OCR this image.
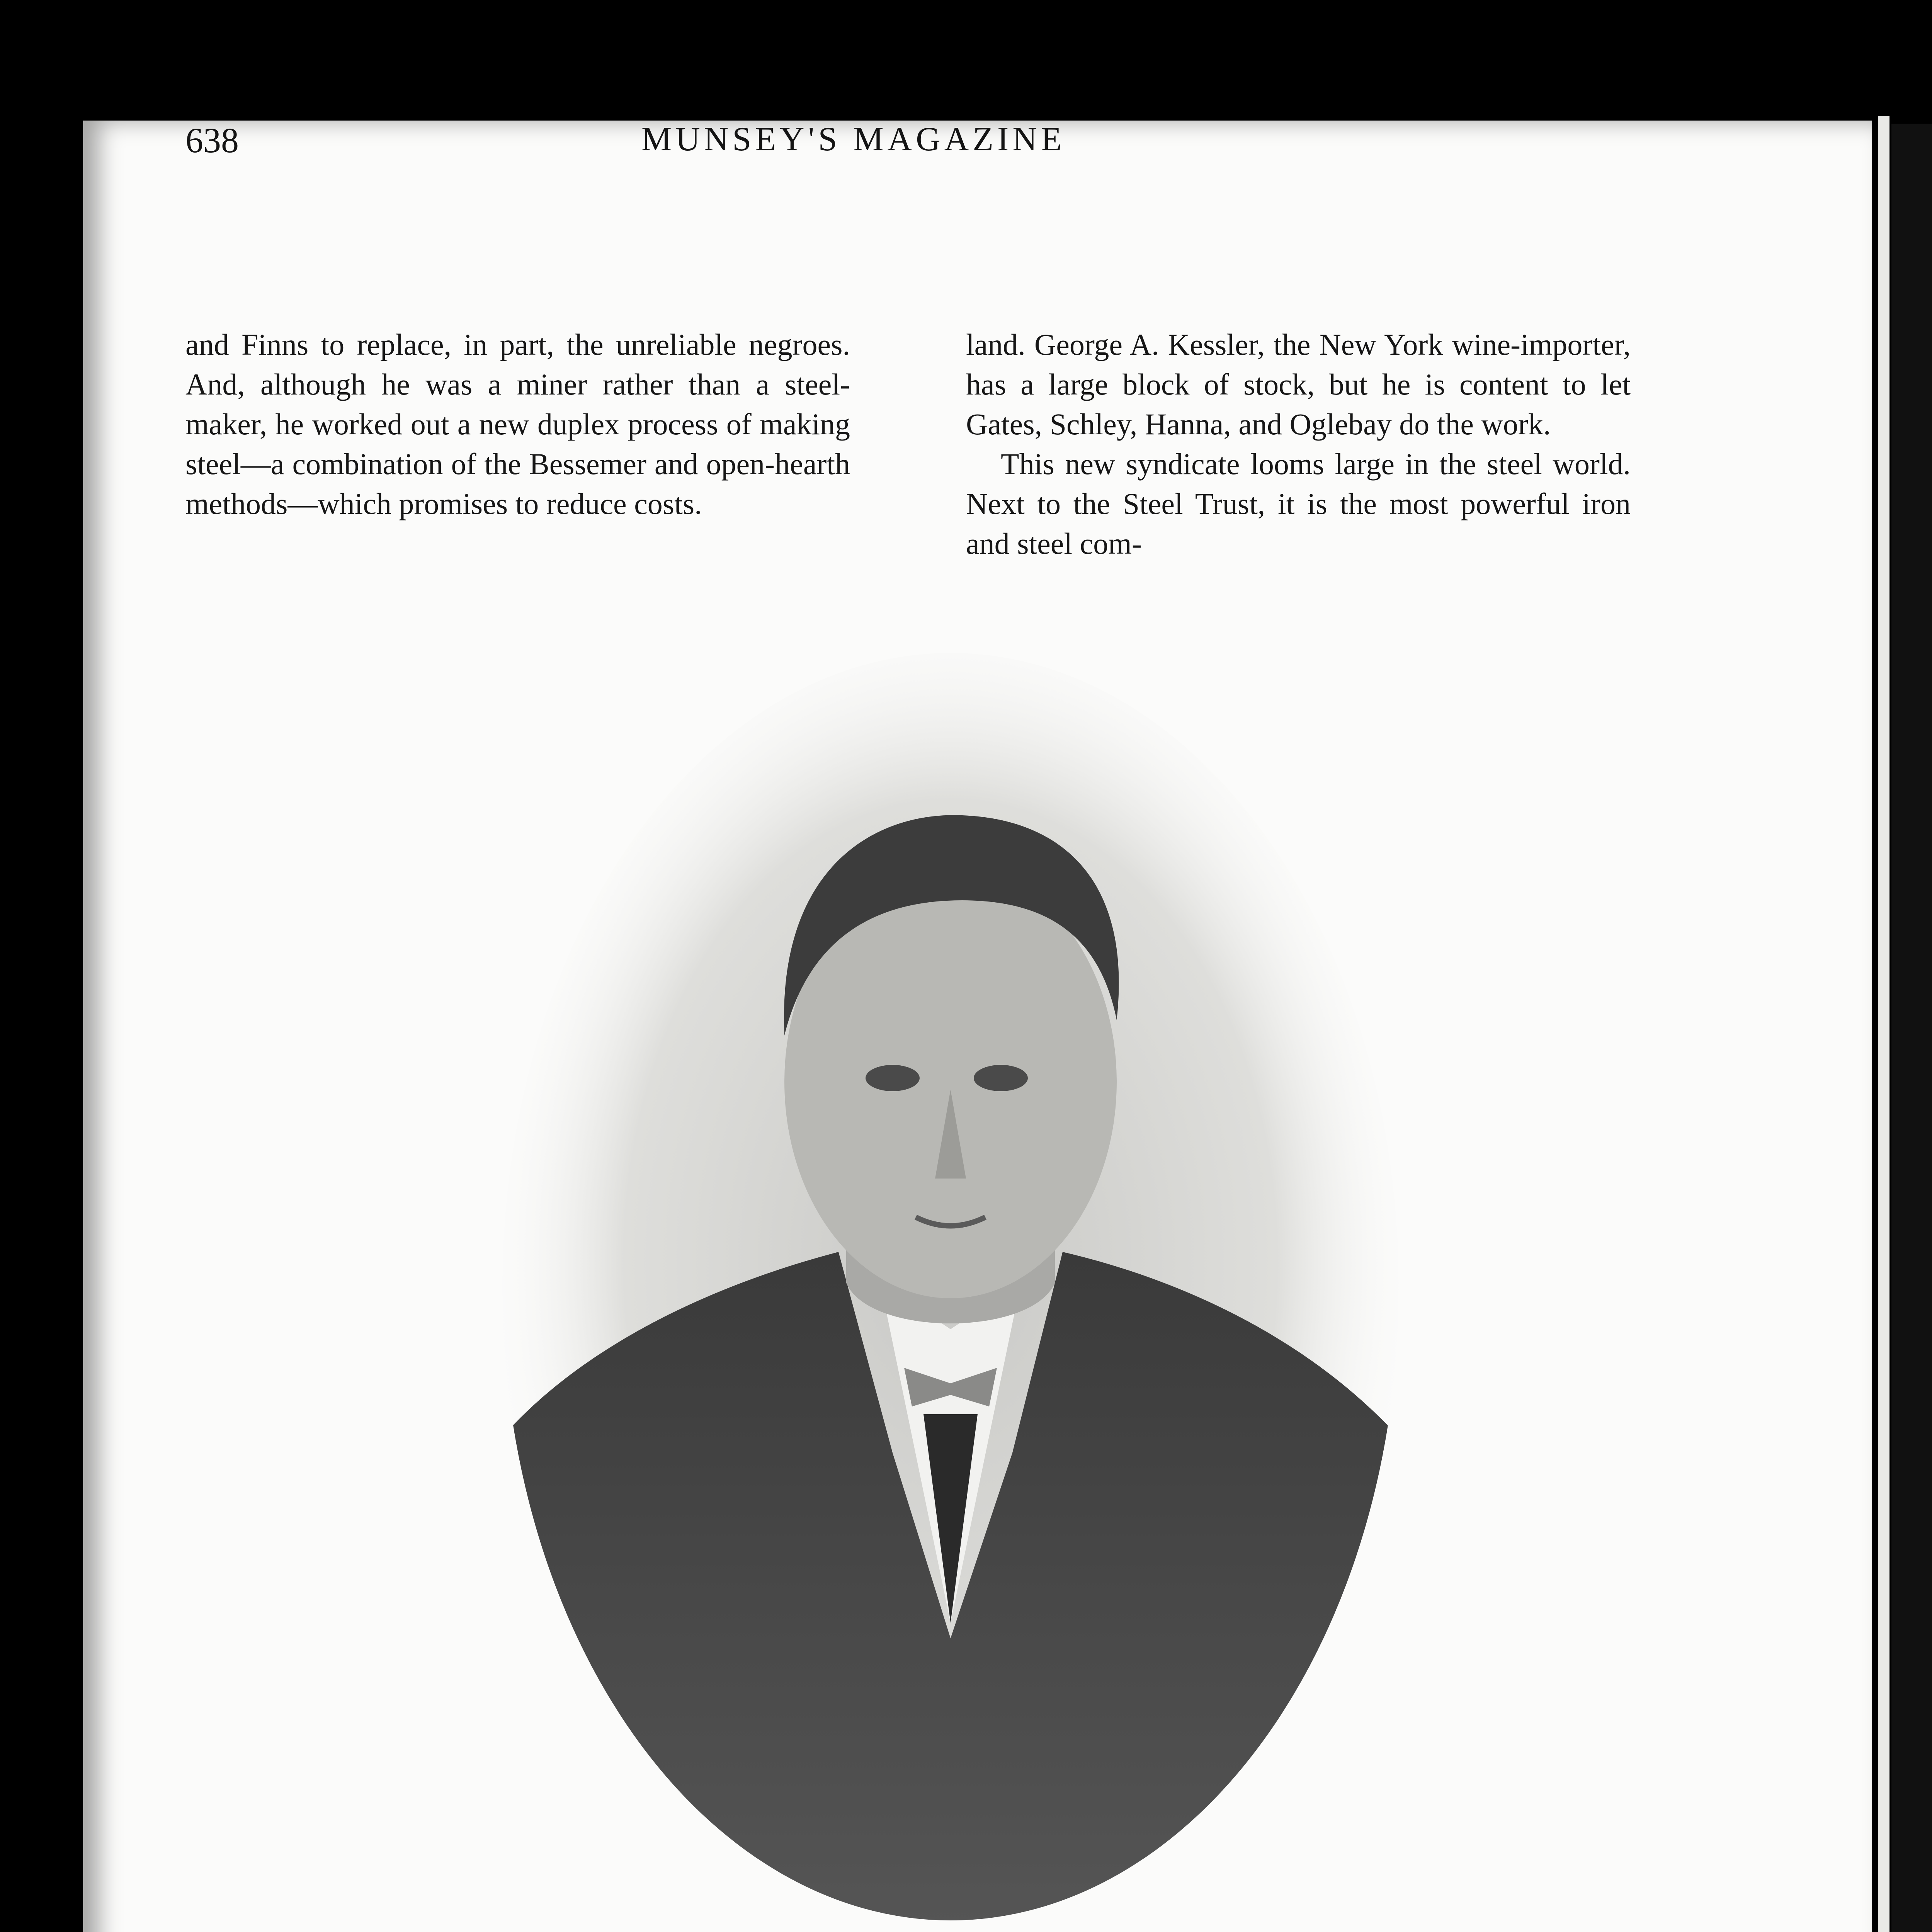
638	MUNSEY'S MAGAZINE

and Finns to replace, in part, the unreliable negroes. And, although he was a miner rather than a steel-maker, he worked out a new duplex process of making steel—a combination of the Bessemer and open-hearth methods—which promises to reduce costs.

land. George A. Kessler, the New York wine-importer, has a large block of stock, but he is content to let Gates, Schley, Hanna, and Oglebay do the work.

This new syndicate looms large in the steel world. Next to the Steel Trust, it is the most powerful iron and steel com-
